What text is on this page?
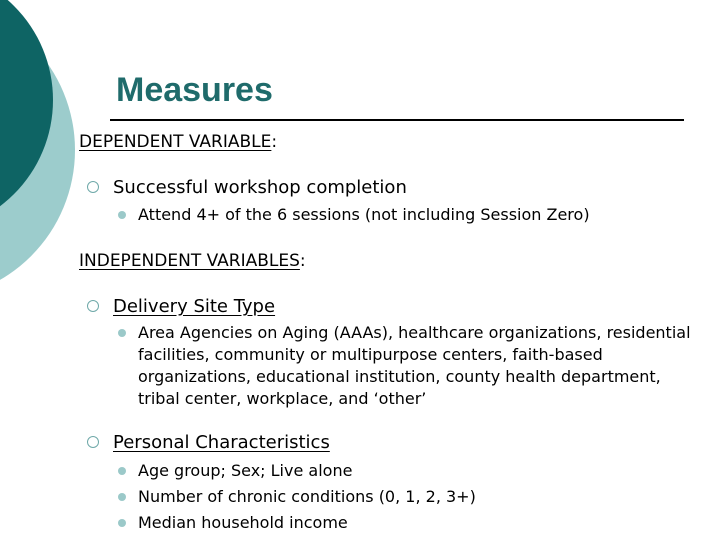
Measures
DEPENDENT VARIABLE:
Successful workshop completion
Attend 4+ of the 6 sessions (not including Session Zero)
INDEPENDENT VARIABLES:
Delivery Site Type
Area Agencies on Aging (AAAs), healthcare organizations, residential facilities, community or multipurpose centers, faith-based organizations, educational institution, county health department, tribal center, workplace, and ‘other’
Personal Characteristics
Age group; Sex; Live alone
Number of chronic conditions (0, 1, 2, 3+)
Median household income
